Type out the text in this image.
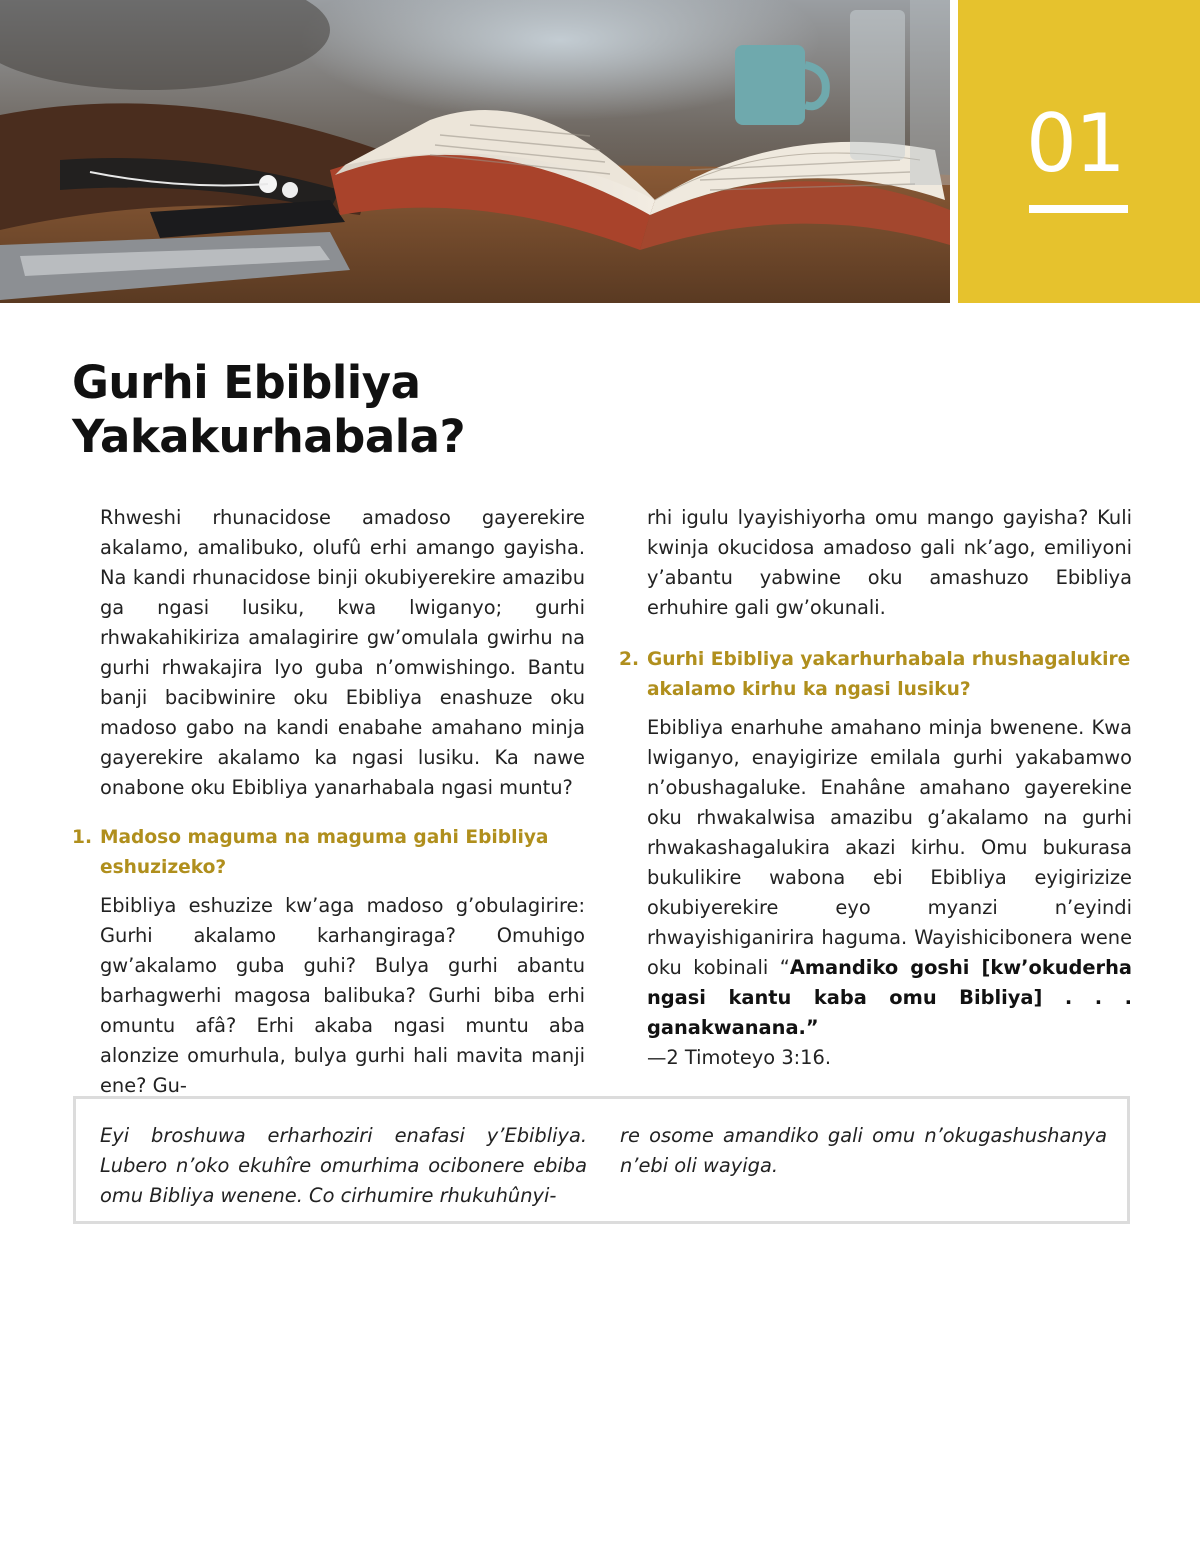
01
Gurhi Ebibliya
Yakakurhabala?

Rhweshi rhunacidose amadoso gayerekire akalamo, amalibuko, olufû erhi amango gayisha. Na kandi rhunacidose binji okubiyerekire amazibu ga ngasi lusiku, kwa lwiganyo; gurhi rhwakahikiriza amalagirire gw’omulala gwirhu na gurhi rhwakajira lyo guba n’omwishingo. Bantu banji bacibwinire oku Ebibliya enashuze oku madoso gabo na kandi enabahe amahano minja gayerekire akalamo ka ngasi lusiku. Ka nawe onabone oku Ebibliya yanarhabala ngasi muntu?

1. Madoso maguma na maguma gahi Ebibliya eshuzizeko?

Ebibliya eshuzize kw’aga madoso g’obulagirire: Gurhi akalamo karhangiraga? Omuhigo gw’akalamo guba guhi? Bulya gurhi abantu barhagwerhi magosa balibuka? Gurhi biba erhi omuntu afâ? Erhi akaba ngasi muntu aba alonzize omurhula, bulya gurhi hali mavita manji ene? Gu-

rhi igulu lyayishiyorha omu mango gayisha? Kuli kwinja okucidosa amadoso gali nk’ago, emiliyoni y’abantu yabwine oku amashuzo Ebibliya erhuhire gali gw’okunali.

2. Gurhi Ebibliya yakarhurhabala rhushagalukire akalamo kirhu ka ngasi lusiku?

Ebibliya enarhuhe amahano minja bwenene. Kwa lwiganyo, enayigirize emilala gurhi yakabamwo n’obushagaluke. Enahâne amahano gayerekine oku rhwakalwisa amazibu g’akalamo na gurhi rhwakashagalukira akazi kirhu. Omu bukurasa bukulikire wabona ebi Ebibliya eyigirizize okubiyerekire eyo myanzi n’eyindi rhwayishiganirira haguma. Wayishicibonera wene oku kobinali “Amandiko goshi [kw’okuderha ngasi kantu kaba omu Bibliya] . . . ganakwanana.”
—2 Timoteyo 3:16.

Eyi broshuwa erharhoziri enafasi y’Ebibliya. Lubero n’oko ekuhîre omurhima ocibonere ebiba omu Bibliya wenene. Co cirhumire rhukuhûnyi-
re osome amandiko gali omu n’okugashushanya n’ebi oli wayiga.
